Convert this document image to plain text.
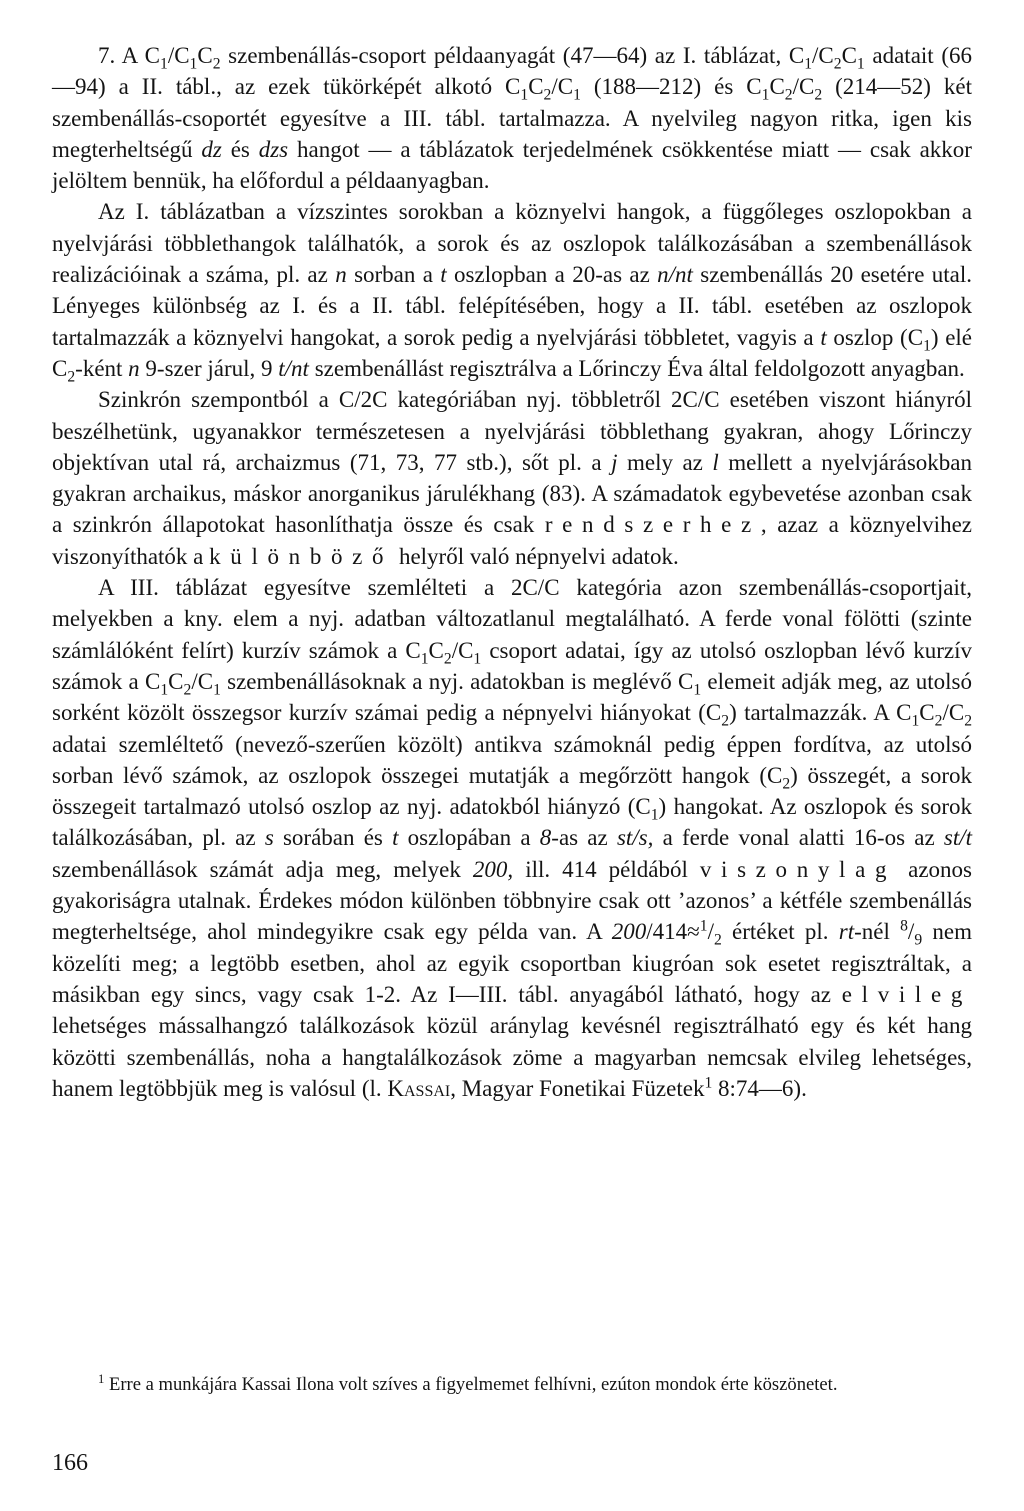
7. A $C_1/C_1C_2$ szembenállás-csoport példaanyagát (47—64) az I. táblázat, $C_1/C_2C_1$ adatait (66—94) a II. tábl., az ezek tükörképét alkotó $C_1C_2/C_1$ (188—212) és $C_1C_2/C_2$ (214—52) két szembenállás-csoportét egyesítve a III. tábl. tartalmazza. A nyelvileg nagyon ritka, igen kis megterheltségű dz és dzs hangot — a táblázatok terjedelmének csökkentése miatt — csak akkor jelöltem bennük, ha előfordul a példaanyagban.

Az I. táblázatban a vízszintes sorokban a köznyelvi hangok, a függőleges oszlopokban a nyelvjárási többlethangok találhatók, a sorok és az oszlopok találkozásában a szembenállások realizációinak a száma, pl. az n sorban a t oszlopban a 20-as az n/nt szembenállás 20 esetére utal. Lényeges különbség az I. és a II. tábl. felépítésében, hogy a II. tábl. esetében az oszlopok tartalmazzák a köznyelvi hangokat, a sorok pedig a nyelvjárási többletet, vagyis a t oszlop $(C_1)$ elé $C_2$-ként n 9-szer járul, 9 t/nt szembenállást regisztrálva a Lőrinczy Éva által feldolgozott anyagban.

Szinkrón szempontból a C/2C kategóriában nyj. többletről 2C/C esetében viszont hiányról beszélhetünk, ugyanakkor természetesen a nyelvjárási többlethang gyakran, ahogy Lőrinczy objektívan utal rá, archaizmus (71, 73, 77 stb.), sőt pl. a j mely az l mellett a nyelvjárásokban gyakran archaikus, máskor anorganikus járulékhang (83). A számadatok egybevetése azonban csak a szinkrón állapotokat hasonlíthatja össze és csak rendszerhez, azaz a köznyelvihez viszonyíthatók a különböző helyről való népnyelvi adatok.

A III. táblázat egyesítve szemlélteti a 2C/C kategória azon szembenállás-csoportjait, melyekben a kny. elem a nyj. adatban változatlanul megtalálható. A ferde vonal fölötti (szinte számlálóként felírt) kurzív számok a $C_1C_2/C_1$ csoport adatai, így az utolsó oszlopban lévő kurzív számok a $C_1C_2/C_1$ szembenállásoknak a nyj. adatokban is meglévő $C_1$ elemeit adják meg, az utolsó sorként közölt összegsor kurzív számai pedig a népnyelvi hiányokat $(C_2)$ tartalmazzák. A $C_1C_2/C_2$ adatai szemléltető (nevező-szerűen közölt) antikva számoknál pedig éppen fordítva, az utolsó sorban lévő számok, az oszlopok összegei mutatják a megőrzött hangok $(C_2)$ összegét, a sorok összegeit tartalmazó utolsó oszlop az nyj. adatokból hiányzó $(C_1)$ hangokat. Az oszlopok és sorok találkozásában, pl. az s sorában és t oszlopában a 8-as az st/s, a ferde vonal alatti 16-os az st/t szembenállások számát adja meg, melyek 200, ill. 414 példából viszonylag azonos gyakoriságra utalnak. Érdekes módon különben többnyire csak ott ’azonos’ a kétféle szembenállás megterheltsége, ahol mindegyikre csak egy példa van. A $200/414\approx^1/_2$ értéket pl. rt-nél $^8/_9$ nem közelíti meg; a legtöbb esetben, ahol az egyik csoportban kiugróan sok esetet regisztráltak, a másikban egy sincs, vagy csak 1-2. Az I—III. tábl. anyagából látható, hogy az elvileg lehetséges mássalhangzó találkozások közül aránylag kevésnél regisztrálható egy és két hang közötti szembenállás, noha a hangtalálkozások zöme a magyarban nemcsak elvileg lehetséges, hanem legtöbbjük meg is valósul (l. Kassai, Magyar Fonetikai Füzetek$^1$ 8:74—6).

$^1$ Erre a munkájára Kassai Ilona volt szíves a figyelmemet felhívni, ezúton mondok érte köszönetet.

166
